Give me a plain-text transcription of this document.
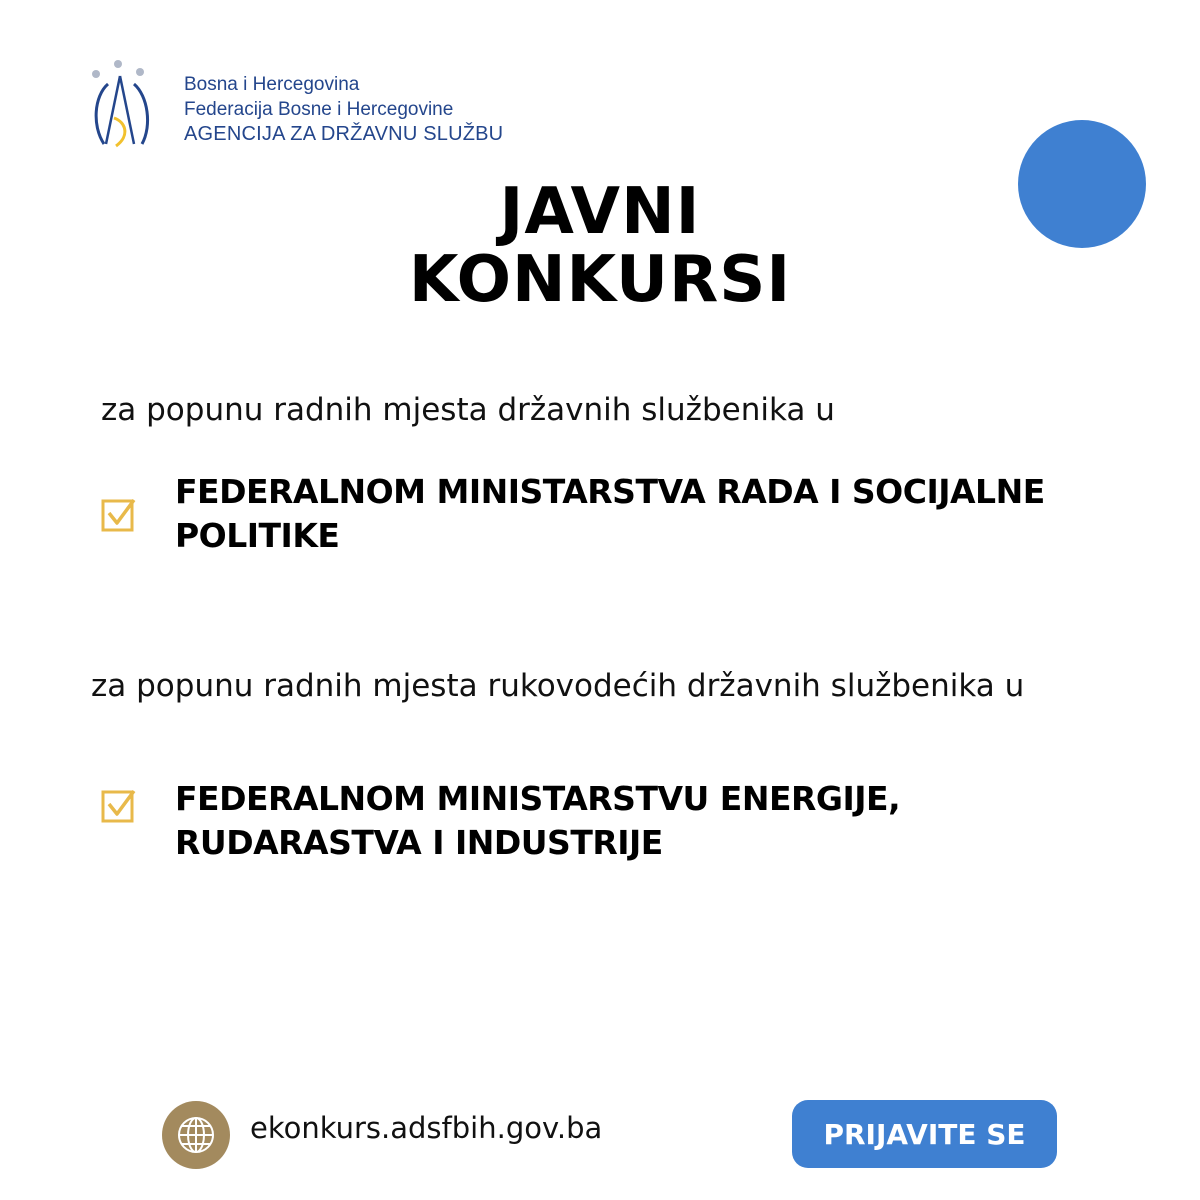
Bosna i Hercegovina
Federacija Bosne i Hercegovine
AGENCIJA ZA DRŽAVNU SLUŽBU
JAVNI
KONKURSI
za popunu radnih mjesta državnih službenika u
FEDERALNOM MINISTARSTVA RADA I SOCIJALNE
POLITIKE
za popunu radnih mjesta rukovodećih državnih službenika u
FEDERALNOM MINISTARSTVU ENERGIJE,
RUDARASTVA I INDUSTRIJE
ekonkurs.adsfbih.gov.ba	PRIJAVITE SE
